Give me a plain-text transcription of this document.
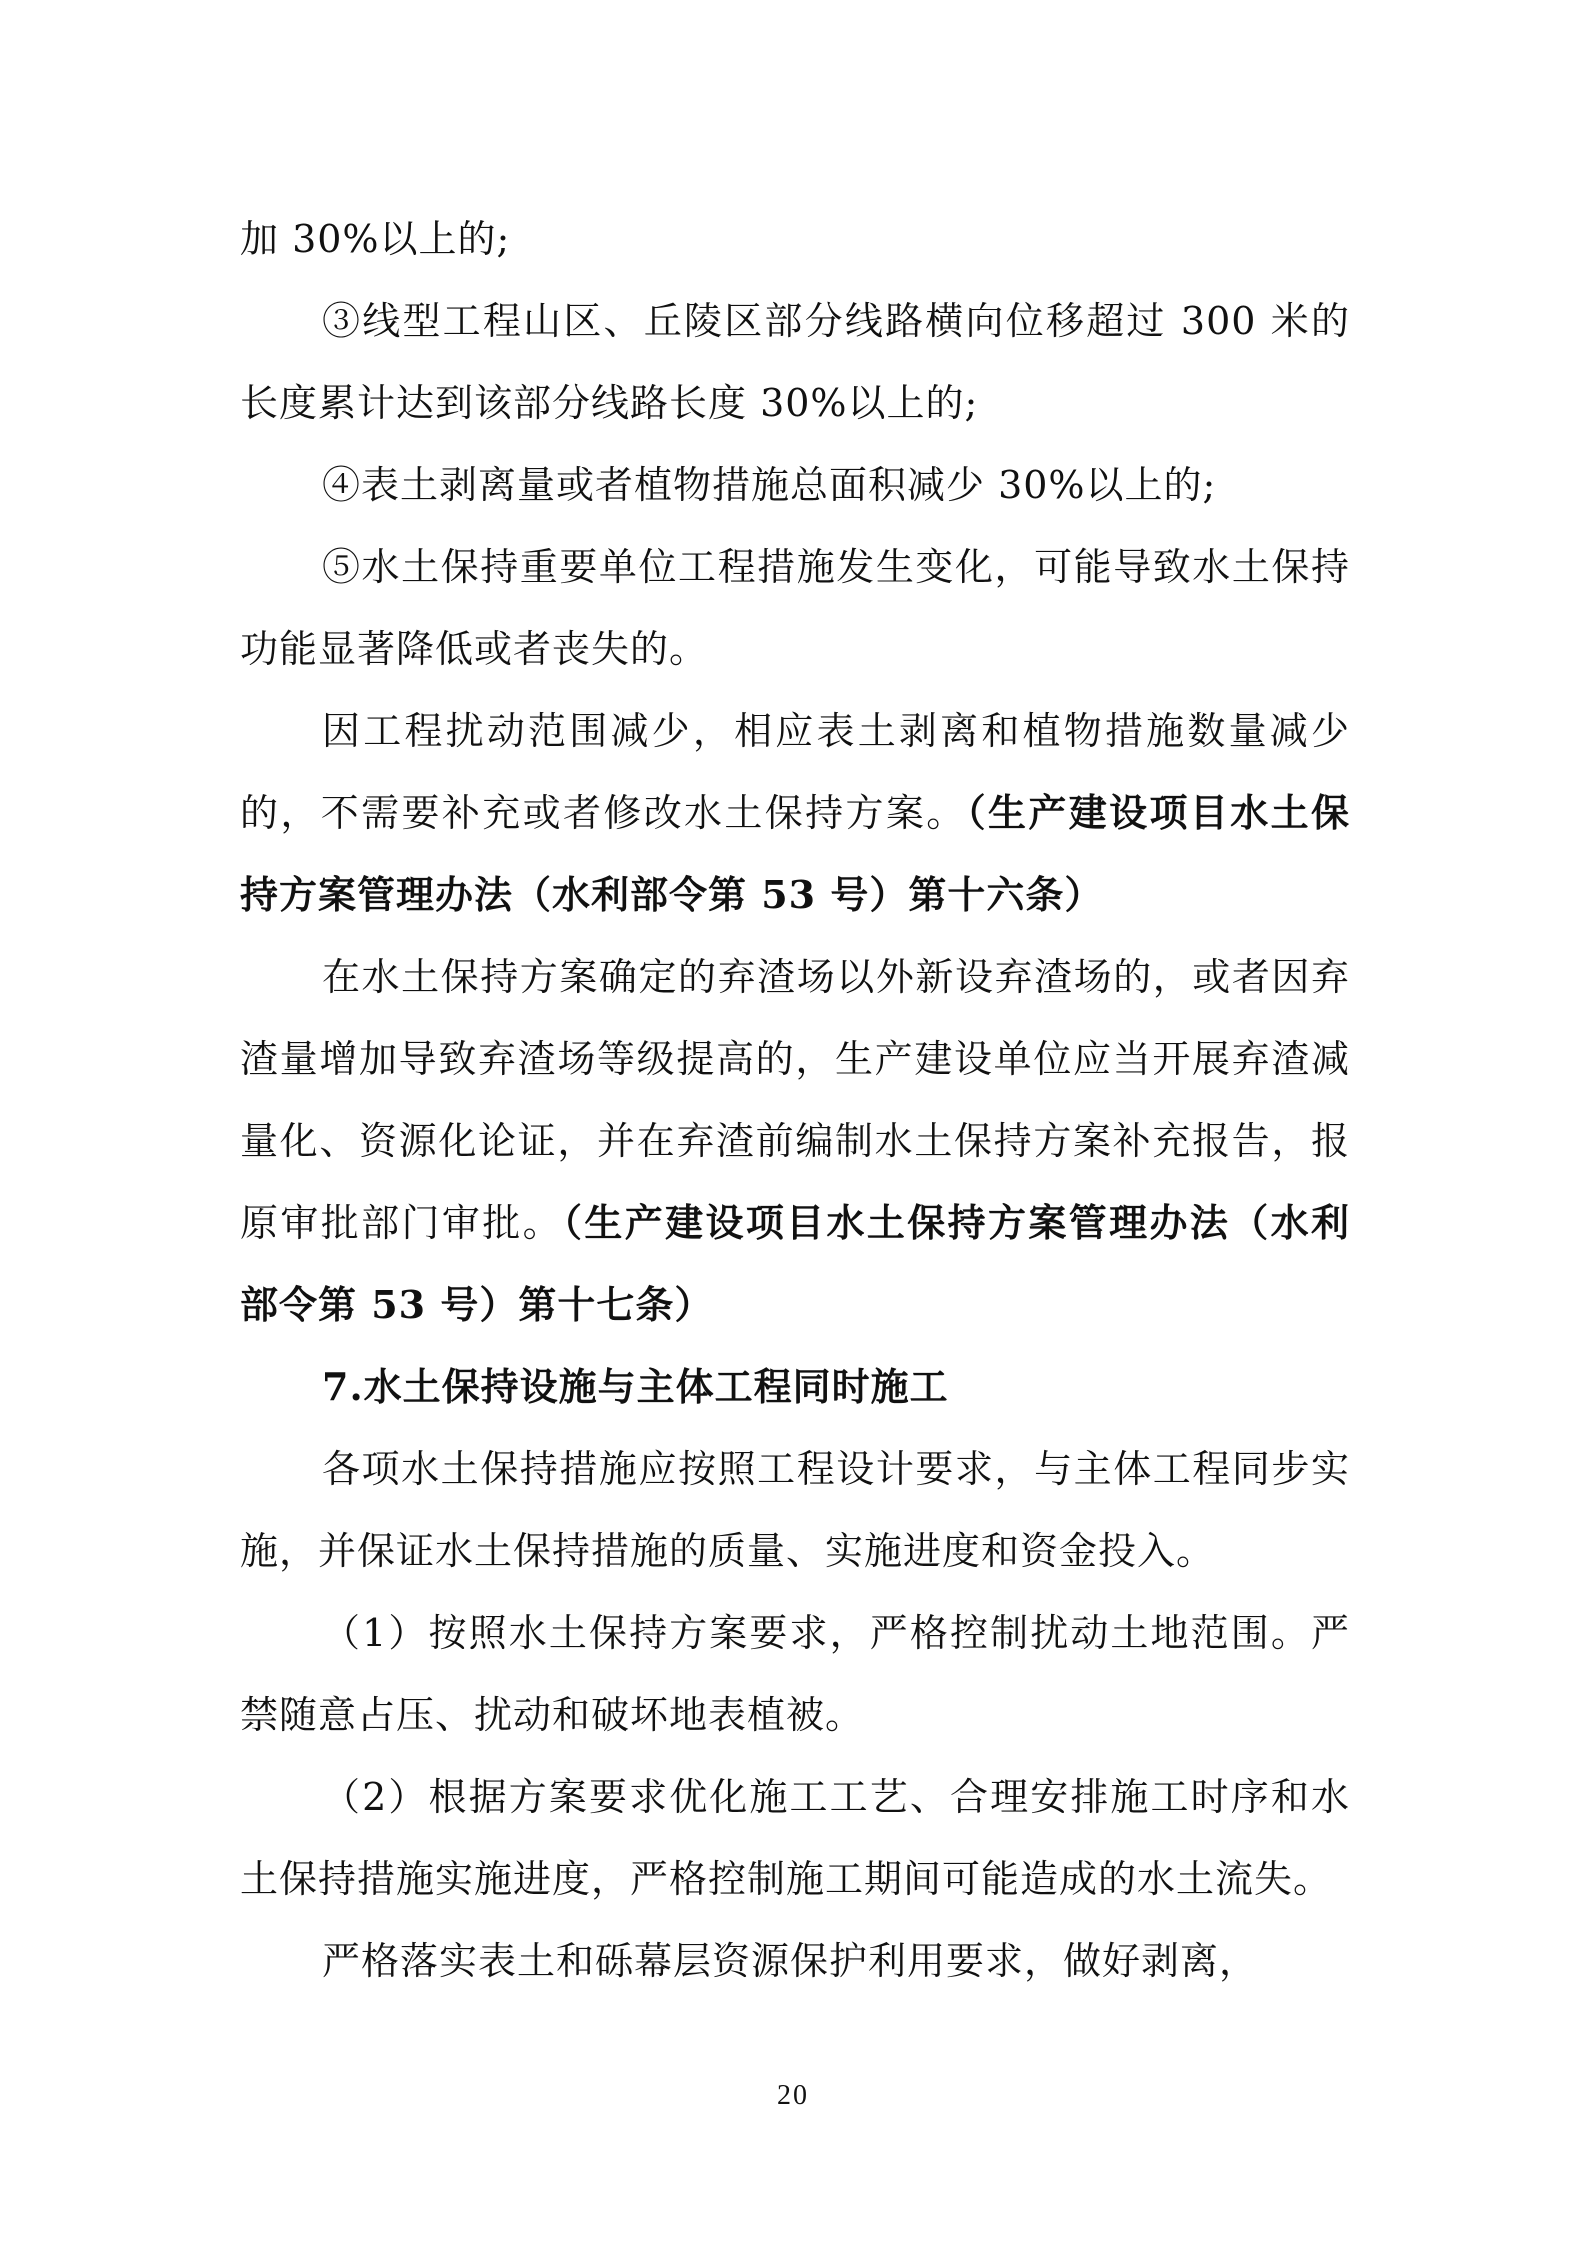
加 30%以上的;

③线型工程山区、丘陵区部分线路横向位移超过 300 米的长度累计达到该部分线路长度 30%以上的;

④表土剥离量或者植物措施总面积减少 30%以上的;

⑤水土保持重要单位工程措施发生变化，可能导致水土保持功能显著降低或者丧失的。

因工程扰动范围减少，相应表土剥离和植物措施数量减少的，不需要补充或者修改水土保持方案。（生产建设项目水土保持方案管理办法（水利部令第 53 号）第十六条）

在水土保持方案确定的弃渣场以外新设弃渣场的，或者因弃渣量增加导致弃渣场等级提高的，生产建设单位应当开展弃渣减量化、资源化论证，并在弃渣前编制水土保持方案补充报告，报原审批部门审批。（生产建设项目水土保持方案管理办法（水利部令第 53 号）第十七条）

7.水土保持设施与主体工程同时施工

各项水土保持措施应按照工程设计要求，与主体工程同步实施，并保证水土保持措施的质量、实施进度和资金投入。

（1）按照水土保持方案要求，严格控制扰动土地范围。严禁随意占压、扰动和破坏地表植被。

（2）根据方案要求优化施工工艺、合理安排施工时序和水土保持措施实施进度，严格控制施工期间可能造成的水土流失。

严格落实表土和砾幕层资源保护利用要求，做好剥离，

20
